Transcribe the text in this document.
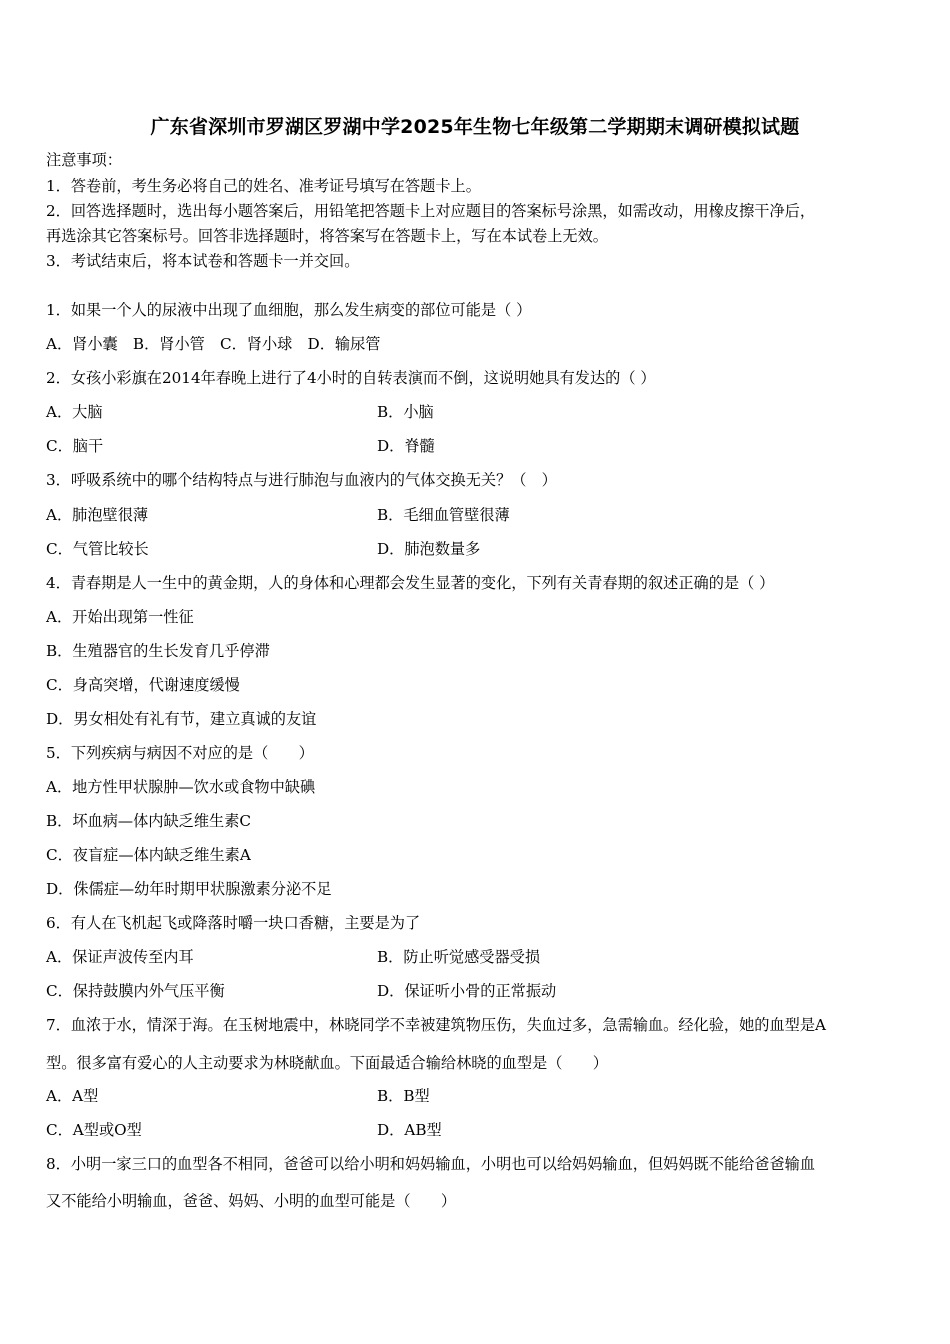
广东省深圳市罗湖区罗湖中学2025年生物七年级第二学期期末调研模拟试题
注意事项：
1．答卷前，考生务必将自己的姓名、准考证号填写在答题卡上。
2．回答选择题时，选出每小题答案后，用铅笔把答题卡上对应题目的答案标号涂黑，如需改动，用橡皮擦干净后，
再选涂其它答案标号。回答非选择题时，将答案写在答题卡上，写在本试卷上无效。
3．考试结束后，将本试卷和答题卡一并交回。
1．如果一个人的尿液中出现了血细胞，那么发生病变的部位可能是（ ）
A．肾小囊　B．肾小管　C．肾小球　D．输尿管
2．女孩小彩旗在2014年春晚上进行了4小时的自转表演而不倒，这说明她具有发达的（ ）
A．大脑	B．小脑
C．脑干	D．脊髓
3．呼吸系统中的哪个结构特点与进行肺泡与血液内的气体交换无关？（　）
A．肺泡壁很薄	B．毛细血管壁很薄
C．气管比较长	D．肺泡数量多
4．青春期是人一生中的黄金期，人的身体和心理都会发生显著的变化，下列有关青春期的叙述正确的是（ ）
A．开始出现第一性征
B．生殖器官的生长发育几乎停滞
C．身高突增，代谢速度缓慢
D．男女相处有礼有节，建立真诚的友谊
5．下列疾病与病因不对应的是（　　）
A．地方性甲状腺肿—饮水或食物中缺碘
B．坏血病—体内缺乏维生素C
C．夜盲症—体内缺乏维生素A
D．侏儒症—幼年时期甲状腺激素分泌不足
6．有人在飞机起飞或降落时嚼一块口香糖，主要是为了
A．保证声波传至内耳	B．防止听觉感受器受损
C．保持鼓膜内外气压平衡	D．保证听小骨的正常振动
7．血浓于水，情深于海。在玉树地震中，林晓同学不幸被建筑物压伤，失血过多，急需输血。经化验，她的血型是A
型。很多富有爱心的人主动要求为林晓献血。下面最适合输给林晓的血型是（　　）
A．A型	B．B型
C．A型或O型	D．AB型
8．小明一家三口的血型各不相同，爸爸可以给小明和妈妈输血，小明也可以给妈妈输血，但妈妈既不能给爸爸输血
又不能给小明输血，爸爸、妈妈、小明的血型可能是（　　）
